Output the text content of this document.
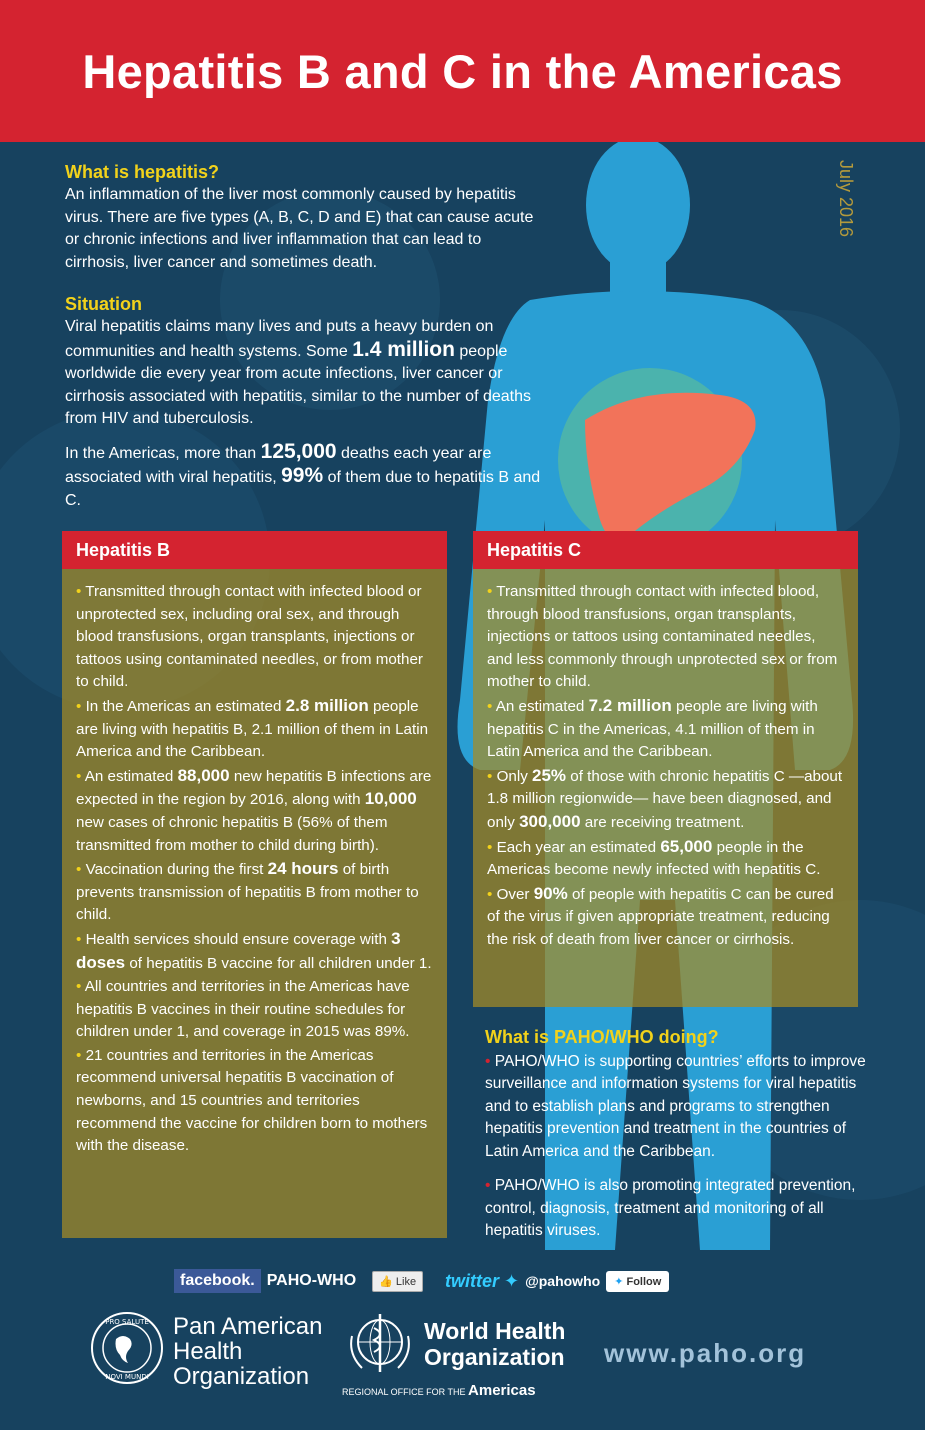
Hepatitis B and C in the Americas
July 2016
What is hepatitis?

An inflammation of the liver most commonly caused by hepatitis virus. There are five types (A, B, C, D and E) that can cause acute or chronic infections and liver inflammation that can lead to cirrhosis, liver cancer and sometimes death.

Situation

Viral hepatitis claims many lives and puts a heavy burden on communities and health systems. Some 1.4 million people worldwide die every year from acute infections, liver cancer or cirrhosis associated with hepatitis, similar to the number of deaths from HIV and tuberculosis.

In the Americas, more than 125,000 deaths each year are associated with viral hepatitis, 99% of them due to hepatitis B and C.

Hepatitis B
• Transmitted through contact with infected blood or unprotected sex, including oral sex, and through blood transfusions, organ transplants, injections or tattoos using contaminated needles, or from mother to child.
• In the Americas an estimated 2.8 million people are living with hepatitis B, 2.1 million of them in Latin America and the Caribbean.
• An estimated 88,000 new hepatitis B infections are expected in the region by 2016, along with 10,000 new cases of chronic hepatitis B (56% of them transmitted from mother to child during birth).
• Vaccination during the first 24 hours of birth prevents transmission of hepatitis B from mother to child.
• Health services should ensure coverage with 3 doses of hepatitis B vaccine for all children under 1.
• All countries and territories in the Americas have hepatitis B vaccines in their routine schedules for children under 1, and coverage in 2015 was 89%.
• 21 countries and territories in the Americas recommend universal hepatitis B vaccination of newborns, and 15 countries and territories recommend the vaccine for children born to mothers with the disease.
Hepatitis C
• Transmitted through contact with infected blood, through blood transfusions, organ transplants, injections or tattoos using contaminated needles, and less commonly through unprotected sex or from mother to child.
• An estimated 7.2 million people are living with hepatitis C in the Americas, 4.1 million of them in Latin America and the Caribbean.
• Only 25% of those with chronic hepatitis C —about 1.8 million regionwide— have been diagnosed, and only 300,000 are receiving treatment.
• Each year an estimated 65,000 people in the Americas become newly infected with hepatitis C.
• Over 90% of people with hepatitis C can be cured of the virus if given appropriate treatment, reducing the risk of death from liver cancer or cirrhosis.
What is PAHO/WHO doing?

• PAHO/WHO is supporting countries’ efforts to improve surveillance and information systems for viral hepatitis and to establish plans and programs to strengthen hepatitis prevention and treatment in the countries of Latin America and the Caribbean.

• PAHO/WHO is also promoting integrated prevention, control, diagnosis, treatment and monitoring of all hepatitis viruses.

facebook. PAHO-WHO	👍 Like	twitter ✦ @pahowho	✦ Follow
PRO SALUTE
NOVI MUNDI
Pan American
Health
Organization
World Health
Organization
REGIONAL OFFICE FOR THE Americas
www.paho.org
